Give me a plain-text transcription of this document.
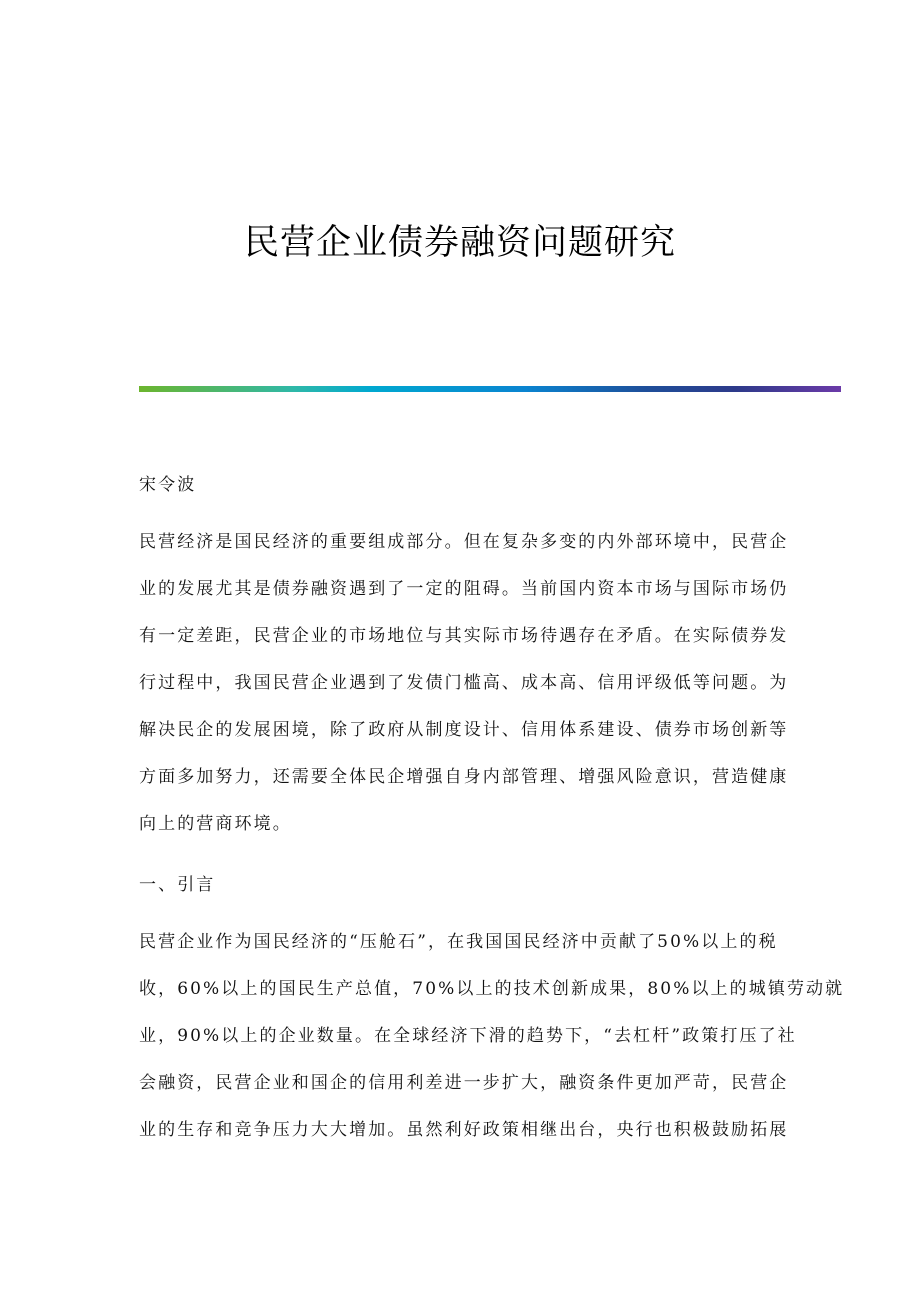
民营企业债券融资问题研究
宋令波
民营经济是国民经济的重要组成部分。但在复杂多变的内外部环境中，民营企
业的发展尤其是债券融资遇到了一定的阻碍。当前国内资本市场与国际市场仍
有一定差距，民营企业的市场地位与其实际市场待遇存在矛盾。在实际债券发
行过程中，我国民营企业遇到了发债门槛高、成本高、信用评级低等问题。为
解决民企的发展困境，除了政府从制度设计、信用体系建设、债券市场创新等
方面多加努力，还需要全体民企增强自身内部管理、增强风险意识，营造健康
向上的营商环境。
一、引言
民营企业作为国民经济的“压舱石”，在我国国民经济中贡献了50%以上的税
收，60%以上的国民生产总值，70%以上的技术创新成果，80%以上的城镇劳动就
业，90%以上的企业数量。在全球经济下滑的趋势下，“去杠杆”政策打压了社
会融资，民营企业和国企的信用利差进一步扩大，融资条件更加严苛，民营企
业的生存和竞争压力大大增加。虽然利好政策相继出台，央行也积极鼓励拓展
